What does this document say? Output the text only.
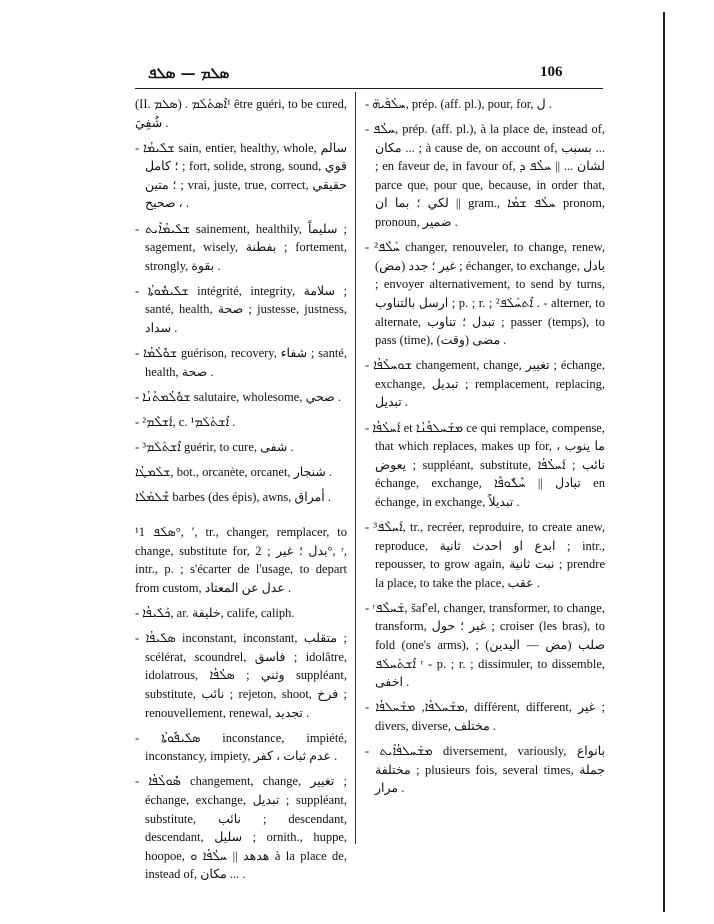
ܣܠܡ — ܣܠܦ	106

(II. ܣܠܡ) . ¹ܐܶܣܬܰܠܰܡ être guéri, to be cured, شُفِيَ .

- ܫܠܺܝܡܳܐ sain, entier, healthy, whole, سالم ؛ كامل ; fort, solide, strong, sound, قوي ؛ متين ; vrai, juste, true, correct, حقيقي ، صحيح .

- ܫܠܺܝܡܳܐܺܝܬ sainement, healthily, سليماً ; sagement, wisely, بفطنة ; fortement, strongly, بقوة .

- ܫܠܺܝܡܽܘܬܳܐ intégrité, integrity, سلامة ; santé, health, صحة ; justesse, justness, سداد .

- ܫܘܽܠܳܡܳܐ guérison, recovery, شفاء ; santé, health, صحة .

- ܫܘܽܠܳܡܬܳܢܳܐ salutaire, wholesome, صحي .

- ²ܐܰܫܠܶܡ, c. ¹ܐܶܫܬܰܠܰܡ .

- ³ܐܶܫܬܰܠܰܡ guérir, to cure, شفى .

ܫܠܰܡܛܳܐ, bot., orcanète, orcanet, شنجار .

ܫܶܠܡܰܠܳܐ barbes (des épis), awns, أمراق .

¹ܣܠܰܦ 1°, ʹ, tr., changer, remplacer, to change, substitute for, بدل ؛ غير ; 2°, ʳ, intr., p. ; s'écarter de l'usage, to depart from custom, عدل عن المعتاد .

- ܟܰܠܺܝܦܳܐ, ar. خليفة, calife, caliph.

- ܣܠܺܝܦܳܐ inconstant, inconstant, متقلب ; scélérat, scoundrel, فاسق ; idolâtre, idolatrous, وثني ; ܣܠܳܦܳܐ suppléant, substitute, نائب ; rejeton, shoot, فرخ ; renouvellement, renewal, تجديد .

- ܣܠܺܝܦܽܘܬܳܐ inconstance, impiété, inconstancy, impiety, عدم ثبات ، كفر .

- ܣܽܘܠܳܦܳܐ changement, change, تغيير ; échange, exchange, تبديل ; suppléant, substitute, نائب ; descendant, descendant, سليل ; ornith., huppe, hoopoe, هدهد || ܚܠܳܦܳܐ ܘ à la place de, instead of, مكان ... .

- ܚܠܳܦܰܝܗ̈, prép. (aff. pl.), pour, for, ل .

- ܚܠܳܦ, prép. (aff. pl.), à la place de, instead of, مكان ... ; à cause de, on account of, بسبب ... ; en faveur de, in favour of, لشان ... || ܚܠܳܦ ܕ parce que, pour que, because, in order that, لكي ؛ بما ان || gram., ܚܠܳܦ ܫܡܳܐ pronom, pronoun, ضمير .

- ²ܚܰܠܶܦ changer, renouveler, to change, renew, غير ؛ جدد (مض) ; échanger, to exchange, بادل ; envoyer alternativement, to send by turns, ارسل بالتناوب ; p. ; r. ; ²ܐܶܬܚܰܠܰܦ . - alterner, to alternate, تبدل ؛ تناوب ; passer (temps), to pass (time), مضى (وقت) .

- ܫܘܚܠܳܦܳܐ changement, change, تغيير ; échange, exchange, تبديل ; remplacement, replacing, تبديل .

- ܐܰܚܠܳܦܳܐ et ܡܫܰܚܠܦܳܢܳܐ ce qui remplace, compense, that which replaces, makes up for, ما ينوب ، يعوض ; suppléant, substitute, نائب ; ܐܰܚܠܳܦܳܐ échange, exchange, تبادل || ܚܶܠܽܘܦܶܐ en échange, in exchange, تبديلاً .

- ³ܐܰܚܠܶܦ, tr., recréer, reproduire, to create anew, reproduce, ابدع او احدث ثانية ; intr., repousser, to grow again, نبت ثانية ; prendre la place, to take the place, عقب .

- ʳܫܰܚܠܶܦ, šaf'el, changer, transformer, to change, transform, غير ؛ حول ; croiser (les bras), to fold (one's arms), صلب (مض — اليدين) ; ܐܶܫܬܰܚܠܰܦ ʳ - p. ; r. ; dissimuler, to dissemble, اخفى .

- ܡܫܰܚܠܦܳܐ, ܡܫܰܚܠܦܳܐ, différent, different, غير ; divers, diverse, مختلف .

- ܡܫܰܚܠܦܳܐܺܝܬ diversement, variously, بانواع مختلفة ; plusieurs fois, several times, جملة مرار .
